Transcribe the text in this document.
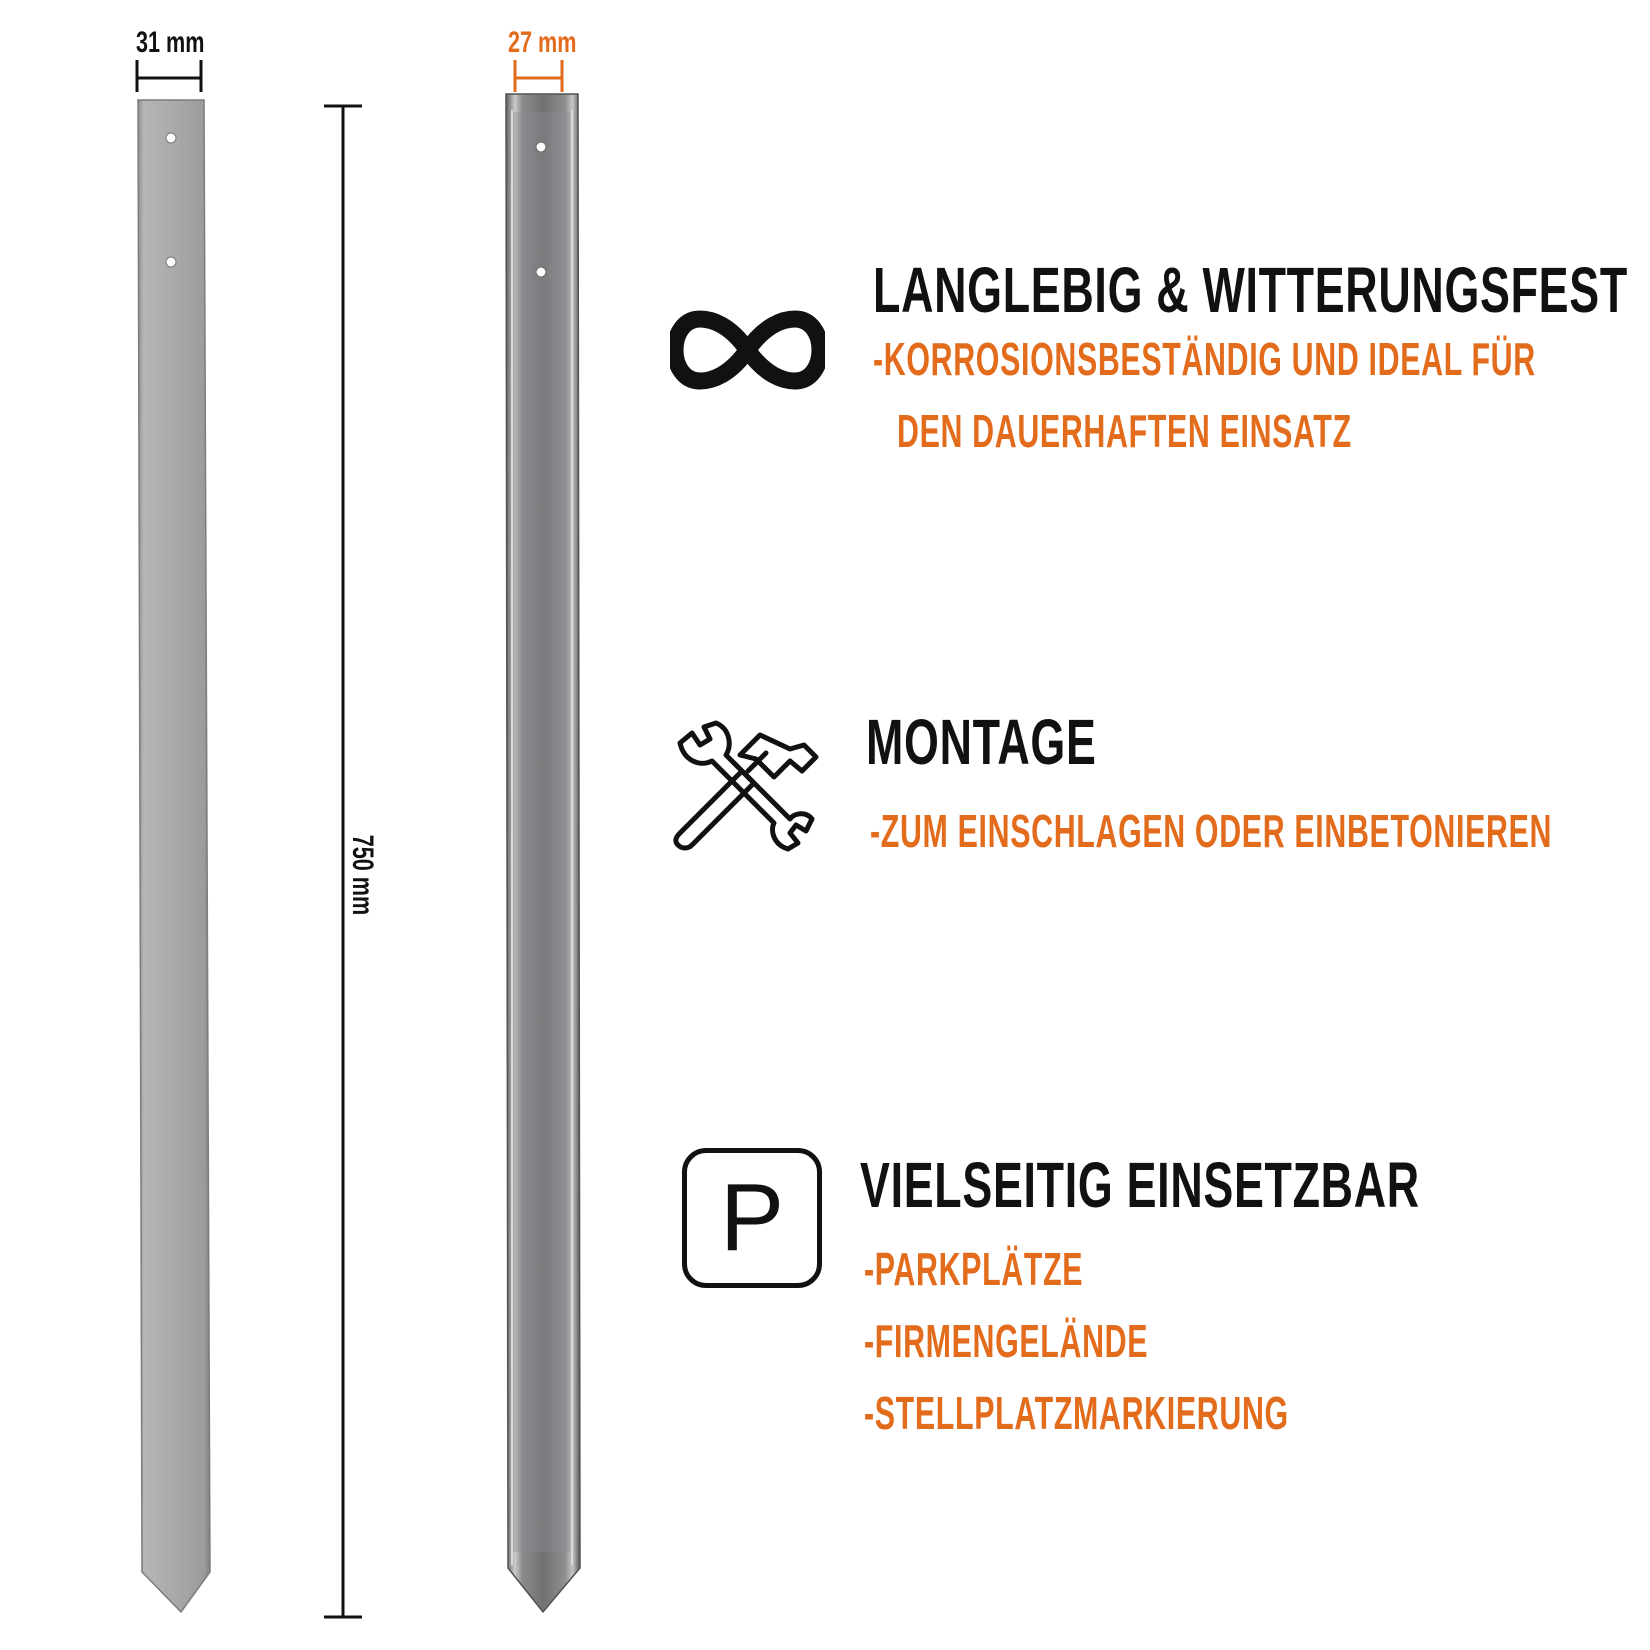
31 mm	27 mm
750 mm
LANGLEBIG & WITTERUNGSFEST
-KORROSIONSBESTÄNDIG UND IDEAL FÜR
DEN DAUERHAFTEN EINSATZ
MONTAGE
-ZUM EINSCHLAGEN ODER EINBETONIEREN
P VIELSEITIG EINSETZBAR
-PARKPLÄTZE
-FIRMENGELÄNDE
-STELLPLATZMARKIERUNG
